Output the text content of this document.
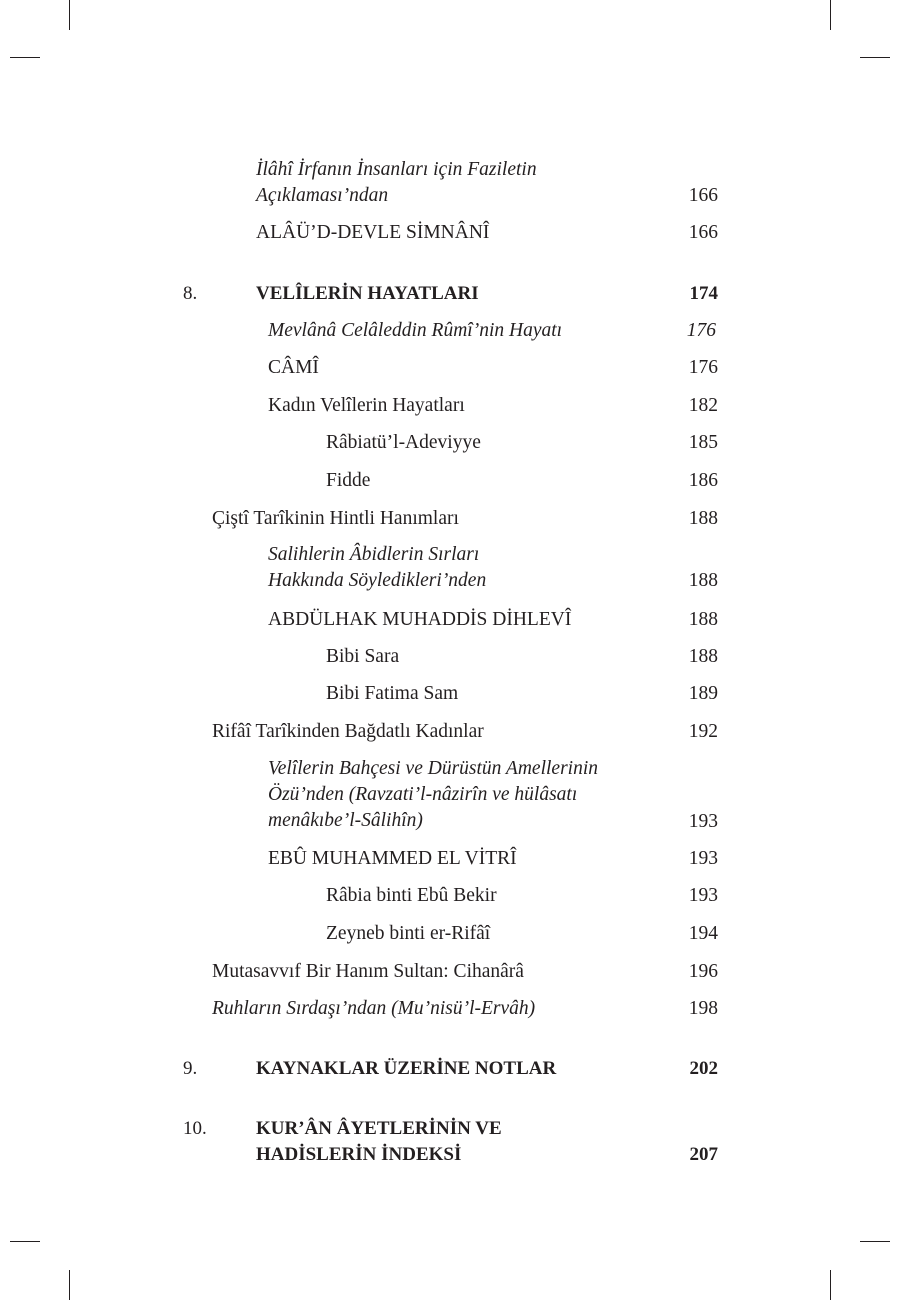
İlâhî İrfanın İnsanları için Faziletin
Açıklaması’ndan	166
ALÂÜ’D-DEVLE SİMNÂNÎ	166
8.	VELÎLERİN HAYATLARI	174
Mevlânâ Celâleddin Rûmî’nin Hayatı	176
CÂMÎ	176
Kadın Velîlerin Hayatları	182
Râbiatü’l-Adeviyye	185
Fidde	186
Çiştî Tarîkinin Hintli Hanımları	188
Salihlerin Âbidlerin Sırları
Hakkında Söyledikleri’nden	188
ABDÜLHAK MUHADDİS DİHLEVÎ	188
Bibi Sara	188
Bibi Fatima Sam	189
Rifâî Tarîkinden Bağdatlı Kadınlar	192
Velîlerin Bahçesi ve Dürüstün Amellerinin
Özü’nden (Ravzati’l-nâzirîn ve hülâsatı
menâkıbe’l-Sâlihîn)	193
EBÛ MUHAMMED EL VİTRÎ	193
Râbia binti Ebû Bekir	193
Zeyneb binti er-Rifâî	194
Mutasavvıf Bir Hanım Sultan: Cihanârâ	196
Ruhların Sırdaşı’ndan (Mu’nisü’l-Ervâh)	198
9.	KAYNAKLAR ÜZERİNE NOTLAR	202
10.	KUR’ÂN ÂYETLERİNİN VE
HADİSLERİN İNDEKSİ	207
